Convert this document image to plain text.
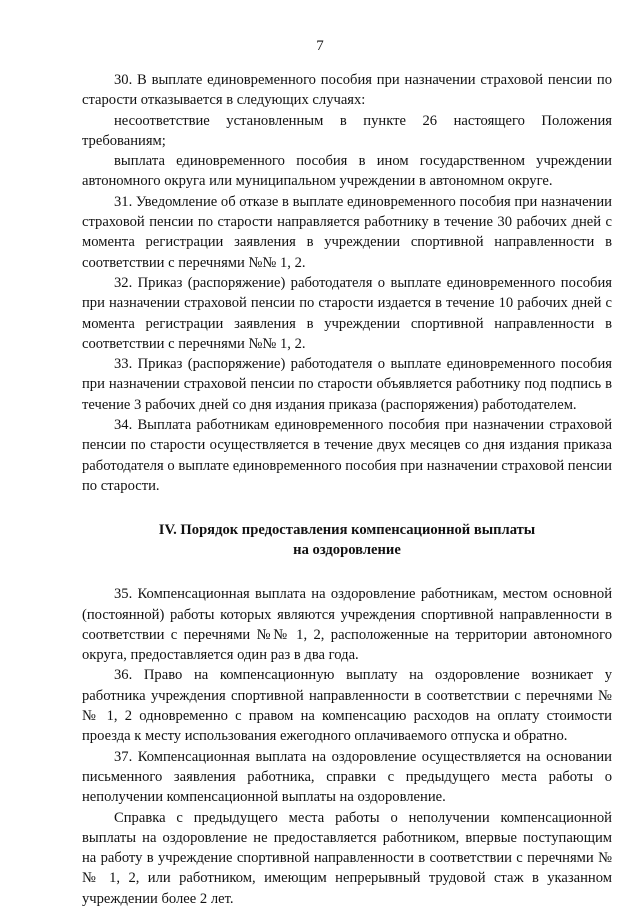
7

30. В выплате единовременного пособия при назначении страховой пенсии по старости отказывается в следующих случаях:

несоответствие установленным в пункте 26 настоящего Положения требованиям;

выплата единовременного пособия в ином государственном учреждении автономного округа или муниципальном учреждении в автономном округе.

31. Уведомление об отказе в выплате единовременного пособия при назначении страховой пенсии по старости направляется работнику в течение 30 рабочих дней с момента регистрации заявления в учреждении спортивной направленности в соответствии с перечнями №№ 1, 2.

32. Приказ (распоряжение) работодателя о выплате единовременного пособия при назначении страховой пенсии по старости издается в течение 10 рабочих дней с момента регистрации заявления в учреждении спортивной направленности в соответствии с перечнями №№ 1, 2.

33. Приказ (распоряжение) работодателя о выплате единовременного пособия при назначении страховой пенсии по старости объявляется работнику под подпись в течение 3 рабочих дней со дня издания приказа (распоряжения) работодателем.

34. Выплата работникам единовременного пособия при назначении страховой пенсии по старости осуществляется в течение двух месяцев со дня издания приказа работодателя о выплате единовременного пособия при назначении страховой пенсии по старости.

IV. Порядок предоставления компенсационной выплаты
на оздоровление

35. Компенсационная выплата на оздоровление работникам, местом основной (постоянной) работы которых являются учреждения спортивной направленности в соответствии с перечнями №№ 1, 2, расположенные на территории автономного округа, предоставляется один раз в два года.

36. Право на компенсационную выплату на оздоровление возникает у работника учреждения спортивной направленности в соответствии с перечнями №№ 1, 2 одновременно с правом на компенсацию расходов на оплату стоимости проезда к месту использования ежегодного оплачиваемого отпуска и обратно.

37. Компенсационная выплата на оздоровление осуществляется на основании письменного заявления работника, справки с предыдущего места работы о неполучении компенсационной выплаты на оздоровление.

Справка с предыдущего места работы о неполучении компенсационной выплаты на оздоровление не предоставляется работником, впервые поступающим на работу в учреждение спортивной направленности в соответствии с перечнями №№ 1, 2, или работником, имеющим непрерывный трудовой стаж в указанном учреждении более 2 лет.
